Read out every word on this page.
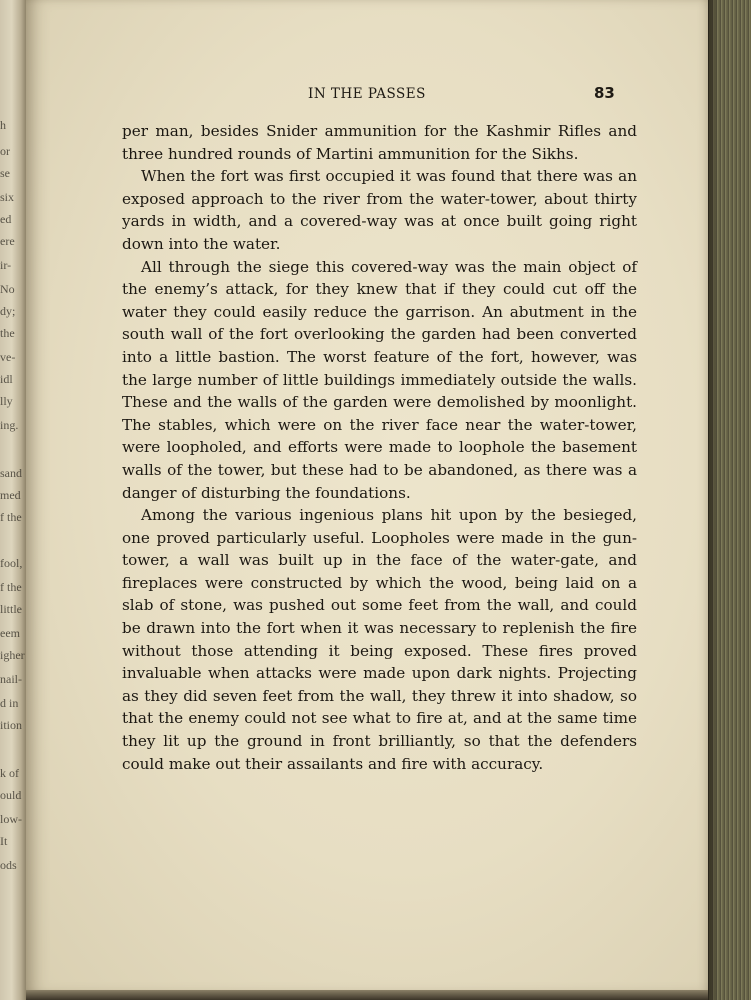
h
or
se
six
ed
ere
ir-
No
dy;
the
ve-
idl
lly
ing.
sand
med
f the
fool,
f the
little
eem
igher
nail-
d in
ition
k of
ould
low-
It
ods
IN THE PASSES	83

per man, besides Snider ammunition for the Kashmir Rifles and three hundred rounds of Martini ammunition for the Sikhs.

When the fort was first occupied it was found that there was an exposed approach to the river from the water-tower, about thirty yards in width, and a covered-way was at once built going right down into the water.

All through the siege this covered-way was the main object of the enemy’s attack, for they knew that if they could cut off the water they could easily reduce the garrison. An abutment in the south wall of the fort overlooking the garden had been converted into a little bastion. The worst feature of the fort, however, was the large number of little buildings immediately outside the walls. These and the walls of the garden were demolished by moonlight. The stables, which were on the river face near the water-tower, were loopholed, and efforts were made to loophole the basement walls of the tower, but these had to be abandoned, as there was a danger of disturbing the foundations.

Among the various ingenious plans hit upon by the besieged, one proved particularly useful. Loopholes were made in the gun-tower, a wall was built up in the face of the water-gate, and fireplaces were constructed by which the wood, being laid on a slab of stone, was pushed out some feet from the wall, and could be drawn into the fort when it was necessary to replenish the fire without those attending it being exposed. These fires proved invaluable when attacks were made upon dark nights. Projecting as they did seven feet from the wall, they threw it into shadow, so that the enemy could not see what to fire at, and at the same time they lit up the ground in front brilliantly, so that the defenders could make out their assailants and fire with accuracy.
